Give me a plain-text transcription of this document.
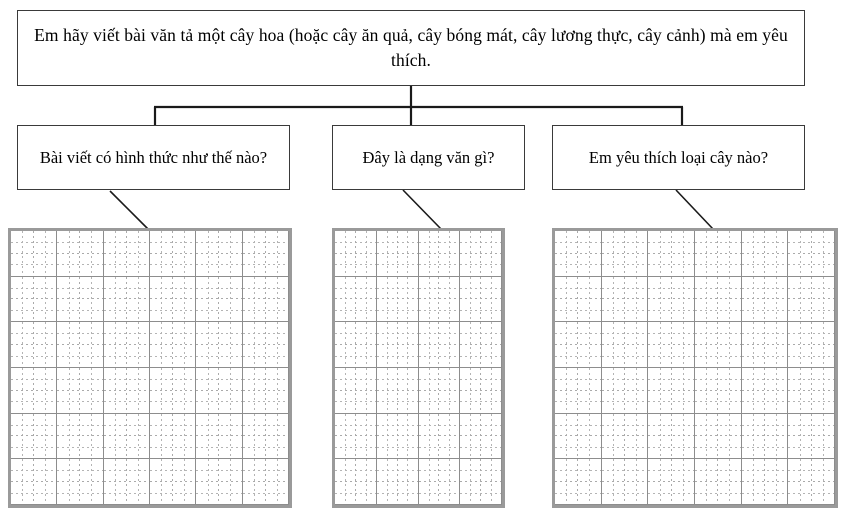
Em hãy viết bài văn tả một cây hoa (hoặc cây ăn quả, cây bóng mát, cây lương thực, cây cảnh) mà em yêu thích.
Bài viết có hình thức như thế nào?	Đây là dạng văn gì?	Em yêu thích loại cây nào?
